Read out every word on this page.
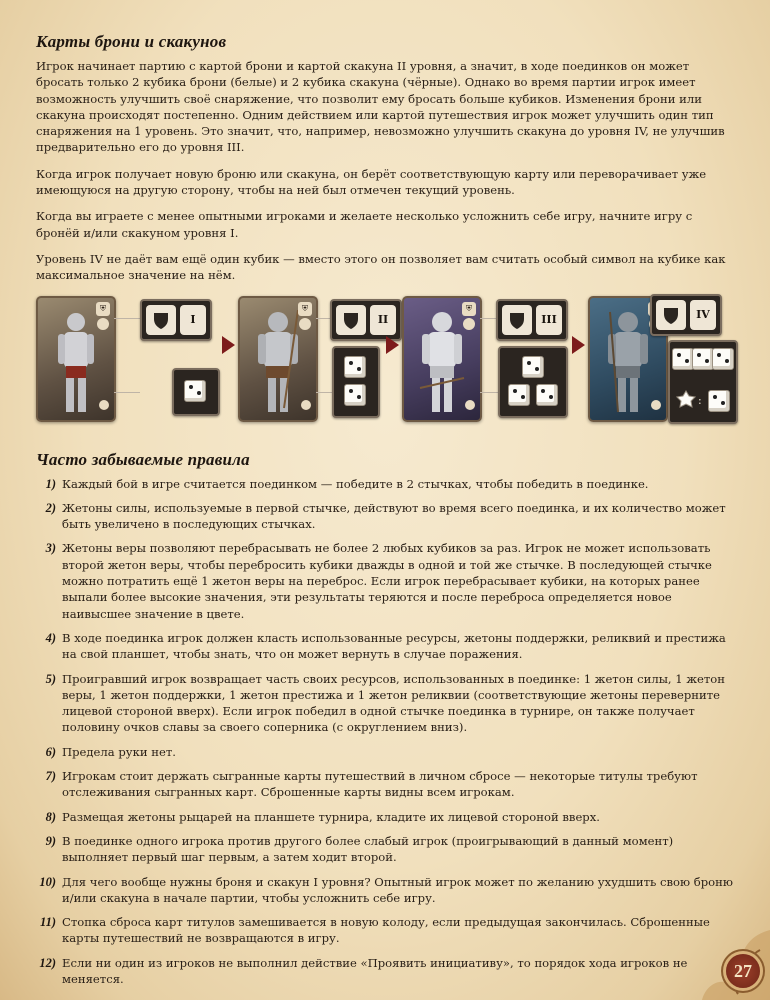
Карты брони и скакунов

Игрок начинает партию с картой брони и картой скакуна II уровня, а значит, в ходе поединков он может бросать только 2 кубика брони (белые) и 2 кубика скакуна (чёрные). Однако во время партии игрок имеет возможность улучшить своё снаряжение, что позволит ему бросать больше кубиков. Изменения брони или скакуна происходят постепенно. Одним действием или картой путешествия игрок может улучшить один тип снаряжения на 1 уровень. Это значит, что, например, невозможно улучшить скакуна до уровня IV, не улучшив предварительно его до уровня III.

Когда игрок получает новую броню или скакуна, он берёт соответствующую карту или переворачивает уже имеющуюся на другую сторону, чтобы на ней был отмечен текущий уровень.

Когда вы играете с менее опытными игроками и желаете несколько усложнить себе игру, начните игру с бронёй и/или скакуном уровня I.

Уровень IV не даёт вам ещё один кубик — вместо этого он позволяет вам считать особый символ на кубике как максимальное значение на нём.

⛨
I
⛨
II
⛨
III	IV
:
Часто забываемые правила
1) Каждый бой в игре считается поединком — победите в 2 стычках, чтобы победить в поединке.
2) Жетоны силы, используемые в первой стычке, действуют во время всего поединка, и их количество может быть увеличено в последующих стычках.
3) Жетоны веры позволяют перебрасывать не более 2 любых кубиков за раз. Игрок не может использовать второй жетон веры, чтобы перебросить кубики дважды в одной и той же стычке. В последующей стычке можно потратить ещё 1 жетон веры на переброс. Если игрок перебрасывает кубики, на которых ранее выпали более высокие значения, эти результаты теряются и после переброса определяется новое наивысшее значение в цвете.
4) В ходе поединка игрок должен класть использованные ресурсы, жетоны поддержки, реликвий и престижа на свой планшет, чтобы знать, что он может вернуть в случае поражения.
5) Проигравший игрок возвращает часть своих ресурсов, использованных в поединке: 1 жетон силы, 1 жетон веры, 1 жетон поддержки, 1 жетон престижа и 1 жетон реликвии (соответствующие жетоны переверните лицевой стороной вверх). Если игрок победил в одной стычке поединка в турнире, он также получает половину очков славы за своего соперника (с округлением вниз).
6) Предела руки нет.
7) Игрокам стоит держать сыгранные карты путешествий в личном сбросе — некоторые титулы требуют отслеживания сыгранных карт. Сброшенные карты видны всем игрокам.
8) Размещая жетоны рыцарей на планшете турнира, кладите их лицевой стороной вверх.
9) В поединке одного игрока против другого более слабый игрок (проигрывающий в данный момент) выполняет первый шаг первым, а затем ходит второй.
10) Для чего вообще нужны броня и скакун I уровня? Опытный игрок может по желанию ухудшить свою броню и/или скакуна в начале партии, чтобы усложнить себе игру.
11) Стопка сброса карт титулов замешивается в новую колоду, если предыдущая закончилась. Сброшенные карты путешествий не возвращаются в игру.
12) Если ни один из игроков не выполнил действие «Проявить инициативу», то порядок хода игроков не меняется.	27
